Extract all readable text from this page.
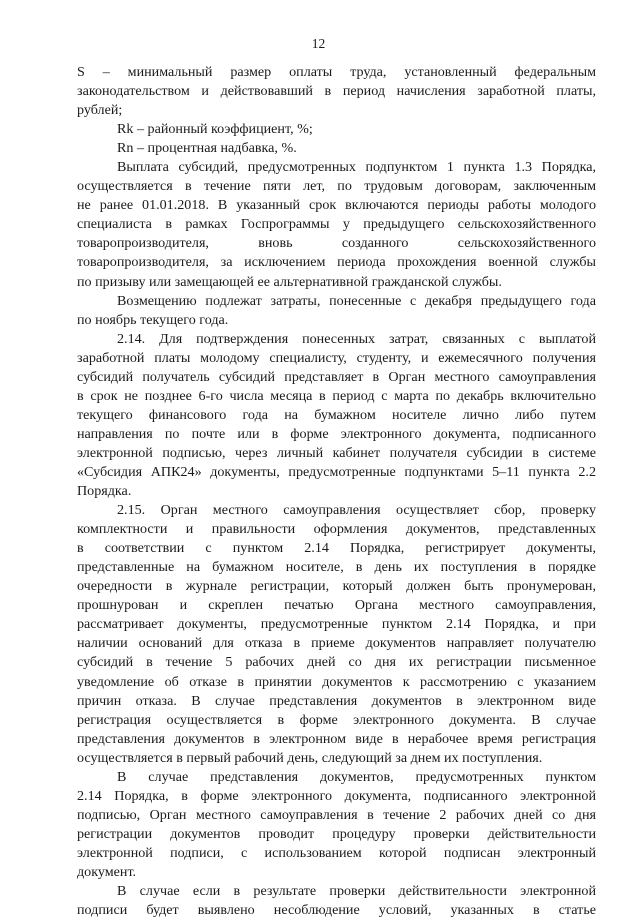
12
S – минимальный размер оплаты труда, установленный федеральным
законодательством и действовавший в период начисления заработной платы,
рублей;
Rk – районный коэффициент, %;
Rn – процентная надбавка, %.
Выплата субсидий, предусмотренных подпунктом 1 пункта 1.3 Порядка,
осуществляется в течение пяти лет, по трудовым договорам, заключенным
не ранее 01.01.2018. В указанный срок включаются периоды работы молодого
специалиста в рамках Госпрограммы у предыдущего сельскохозяйственного
товаропроизводителя, вновь созданного сельскохозяйственного
товаропроизводителя, за исключением периода прохождения военной службы
по призыву или замещающей ее альтернативной гражданской службы.
Возмещению подлежат затраты, понесенные с декабря предыдущего года
по ноябрь текущего года.
2.14. Для подтверждения понесенных затрат, связанных с выплатой
заработной платы молодому специалисту, студенту, и ежемесячного получения
субсидий получатель субсидий представляет в Орган местного самоуправления
в срок не позднее 6-го числа месяца в период с марта по декабрь включительно
текущего финансового года на бумажном носителе лично либо путем
направления по почте или в форме электронного документа, подписанного
электронной подписью, через личный кабинет получателя субсидии в системе
«Субсидия АПК24» документы, предусмотренные подпунктами 5–11 пункта 2.2
Порядка.
2.15. Орган местного самоуправления осуществляет сбор, проверку
комплектности и правильности оформления документов, представленных
в соответствии с пунктом 2.14 Порядка, регистрирует документы,
представленные на бумажном носителе, в день их поступления в порядке
очередности в журнале регистрации, который должен быть пронумерован,
прошнурован и скреплен печатью Органа местного самоуправления,
рассматривает документы, предусмотренные пунктом 2.14 Порядка, и при
наличии оснований для отказа в приеме документов направляет получателю
субсидий в течение 5 рабочих дней со дня их регистрации письменное
уведомление об отказе в принятии документов к рассмотрению с указанием
причин отказа. В случае представления документов в электронном виде
регистрация осуществляется в форме электронного документа. В случае
представления документов в электронном виде в нерабочее время регистрация
осуществляется в первый рабочий день, следующий за днем их поступления.
В случае представления документов, предусмотренных пунктом
2.14 Порядка, в форме электронного документа, подписанного электронной
подписью, Орган местного самоуправления в течение 2 рабочих дней со дня
регистрации документов проводит процедуру проверки действительности
электронной подписи, с использованием которой подписан электронный
документ.
В случае если в результате проверки действительности электронной
подписи будет выявлено несоблюдение условий, указанных в статье
